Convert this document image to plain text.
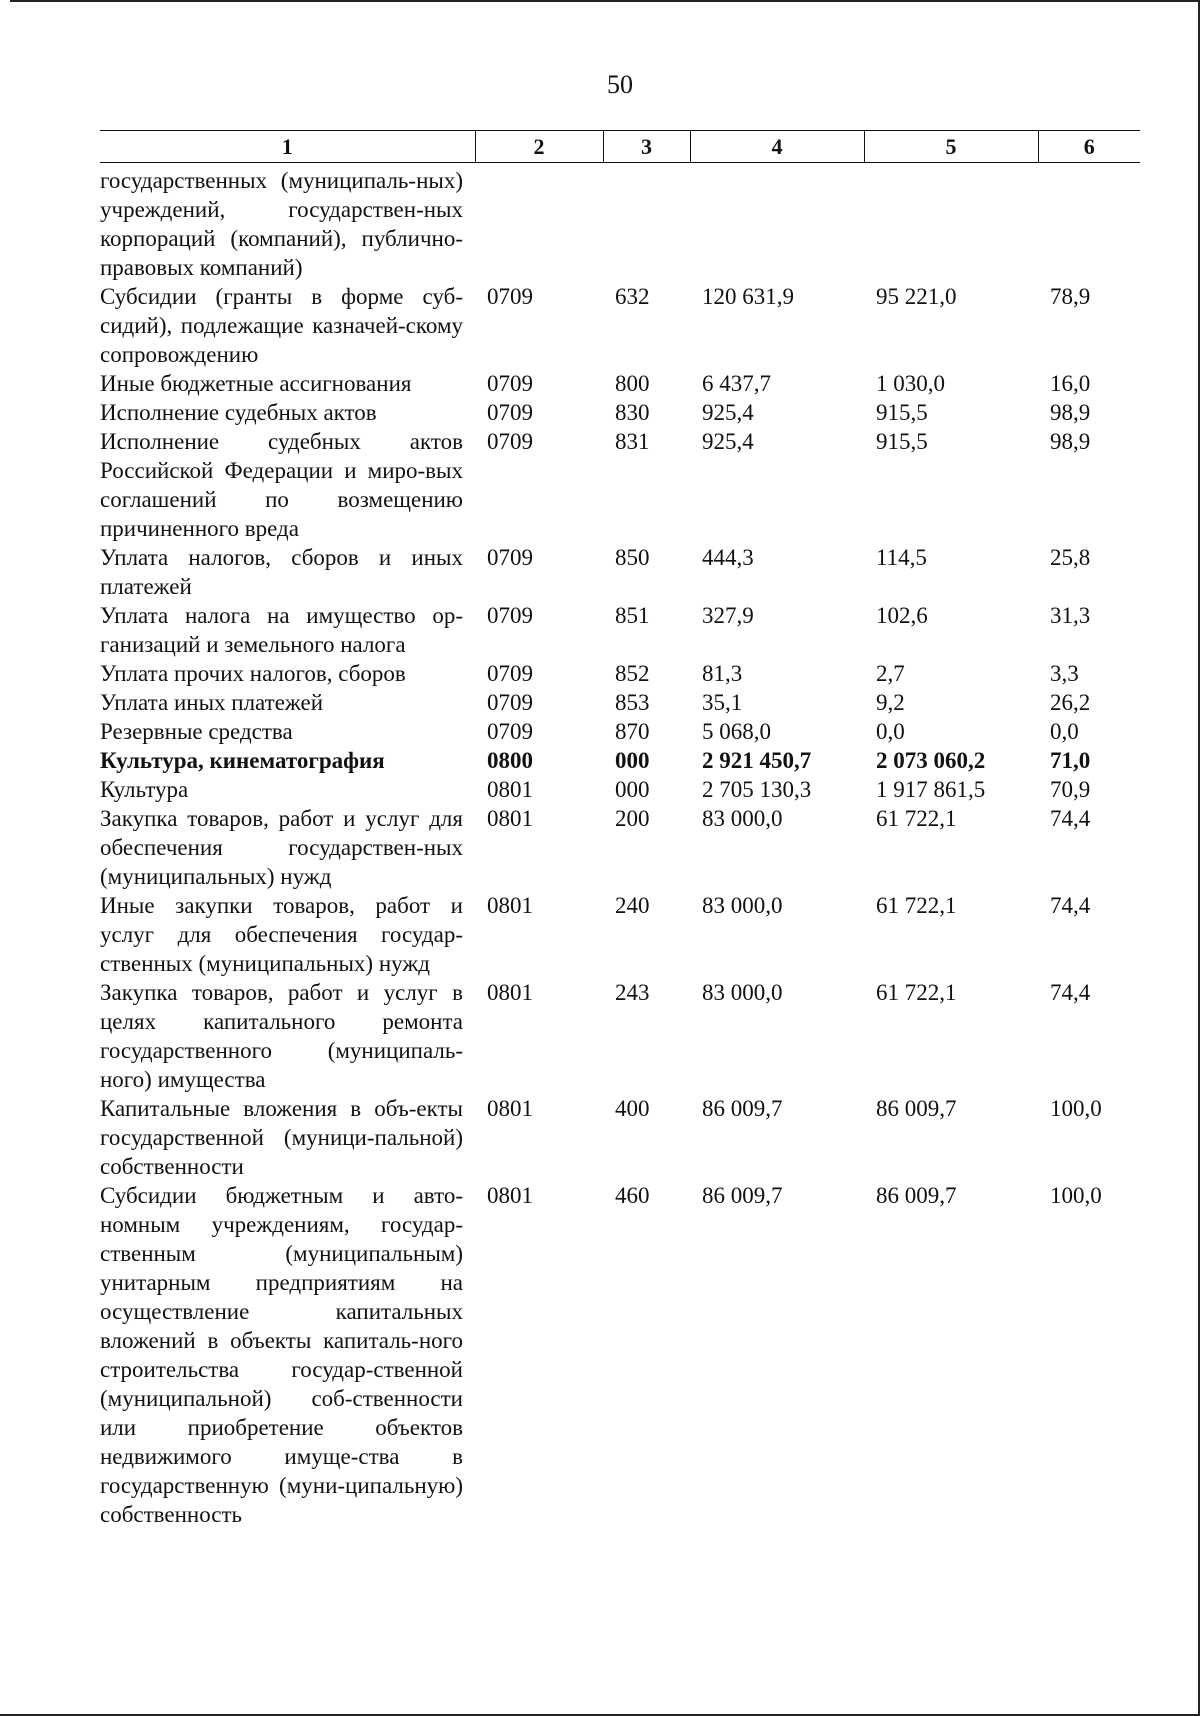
50
1	2	3	4	5	6
государственных (муниципаль-ных) учреждений, государствен-ных корпораций (компаний), публично-правовых компаний)					
Субсидии (гранты в форме суб-сидий), подлежащие казначей-скому сопровождению	0709	632	120 631,9	95 221,0	78,9
Иные бюджетные ассигнования	0709	800	6 437,7	1 030,0	16,0
Исполнение судебных актов	0709	830	925,4	915,5	98,9
Исполнение судебных актов Российской Федерации и миро-вых соглашений по возмещению причиненного вреда	0709	831	925,4	915,5	98,9
Уплата налогов, сборов и иных платежей	0709	850	444,3	114,5	25,8
Уплата налога на имущество ор-ганизаций и земельного налога	0709	851	327,9	102,6	31,3
Уплата прочих налогов, сборов	0709	852	81,3	2,7	3,3
Уплата иных платежей	0709	853	35,1	9,2	26,2
Резервные средства	0709	870	5 068,0	0,0	0,0
Культура, кинематография	0800	000	2 921 450,7	2 073 060,2	71,0
Культура	0801	000	2 705 130,3	1 917 861,5	70,9
Закупка товаров, работ и услуг для обеспечения государствен-ных (муниципальных) нужд	0801	200	83 000,0	61 722,1	74,4
Иные закупки товаров, работ и услуг для обеспечения государ-ственных (муниципальных) нужд	0801	240	83 000,0	61 722,1	74,4
Закупка товаров, работ и услуг в целях капитального ремонта государственного (муниципаль-ного) имущества	0801	243	83 000,0	61 722,1	74,4
Капитальные вложения в объ-екты государственной (муници-пальной) собственности	0801	400	86 009,7	86 009,7	100,0
Субсидии бюджетным и авто-номным учреждениям, государ-ственным (муниципальным) унитарным предприятиям на осуществление капитальных вложений в объекты капиталь-ного строительства государ-ственной (муниципальной) соб-ственности или приобретение объектов недвижимого имуще-ства в государственную (муни-ципальную) собственность	0801	460	86 009,7	86 009,7	100,0
